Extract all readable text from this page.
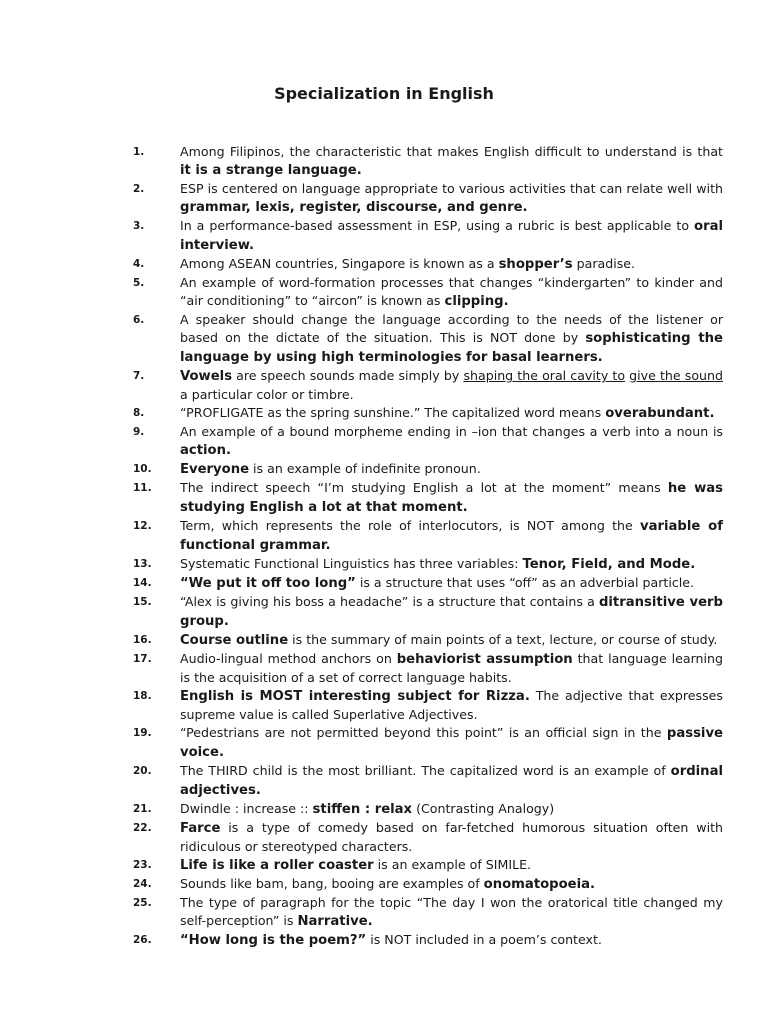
Specialization in English
1.	Among Filipinos, the characteristic that makes English difficult to understand is that it is a strange language.
2.	ESP is centered on language appropriate to various activities that can relate well with grammar, lexis, register, discourse, and genre.
3.	In a performance-based assessment in ESP, using a rubric is best applicable to oral interview.
4.	Among ASEAN countries, Singapore is known as a shopper’s paradise.
5.	An example of word-formation processes that changes “kindergarten” to kinder and “air conditioning” to “aircon” is known as clipping.
6.	A speaker should change the language according to the needs of the listener or based on the dictate of the situation. This is NOT done by sophisticating the language by using high terminologies for basal learners.
7.	Vowels are speech sounds made simply by shaping the oral cavity to give the sound a particular color or timbre.
8.	“PROFLIGATE as the spring sunshine.” The capitalized word means overabundant.
9.	An example of a bound morpheme ending in –ion that changes a verb into a noun is action.
10. Everyone is an example of indefinite pronoun.
11. The indirect speech “I’m studying English a lot at the moment” means he was studying English a lot at that moment.
12. Term, which represents the role of interlocutors, is NOT among the variable of functional grammar.
13. Systematic Functional Linguistics has three variables: Tenor, Field, and Mode.
14. “We put it off too long” is a structure that uses “off” as an adverbial particle.
15. “Alex is giving his boss a headache” is a structure that contains a ditransitive verb group.
16. Course outline is the summary of main points of a text, lecture, or course of study.
17. Audio-lingual method anchors on behaviorist assumption that language learning is the acquisition of a set of correct language habits.
18. English is MOST interesting subject for Rizza. The adjective that expresses supreme value is called Superlative Adjectives.
19. “Pedestrians are not permitted beyond this point” is an official sign in the passive voice.
20. The THIRD child is the most brilliant. The capitalized word is an example of ordinal adjectives.
21. Dwindle : increase :: stiffen : relax (Contrasting Analogy)
22. Farce is a type of comedy based on far-fetched humorous situation often with ridiculous or stereotyped characters.
23. Life is like a roller coaster is an example of SIMILE.
24. Sounds like bam, bang, booing are examples of onomatopoeia.
25. The type of paragraph for the topic “The day I won the oratorical title changed my self-perception” is Narrative.
26. “How long is the poem?” is NOT included in a poem’s context.
